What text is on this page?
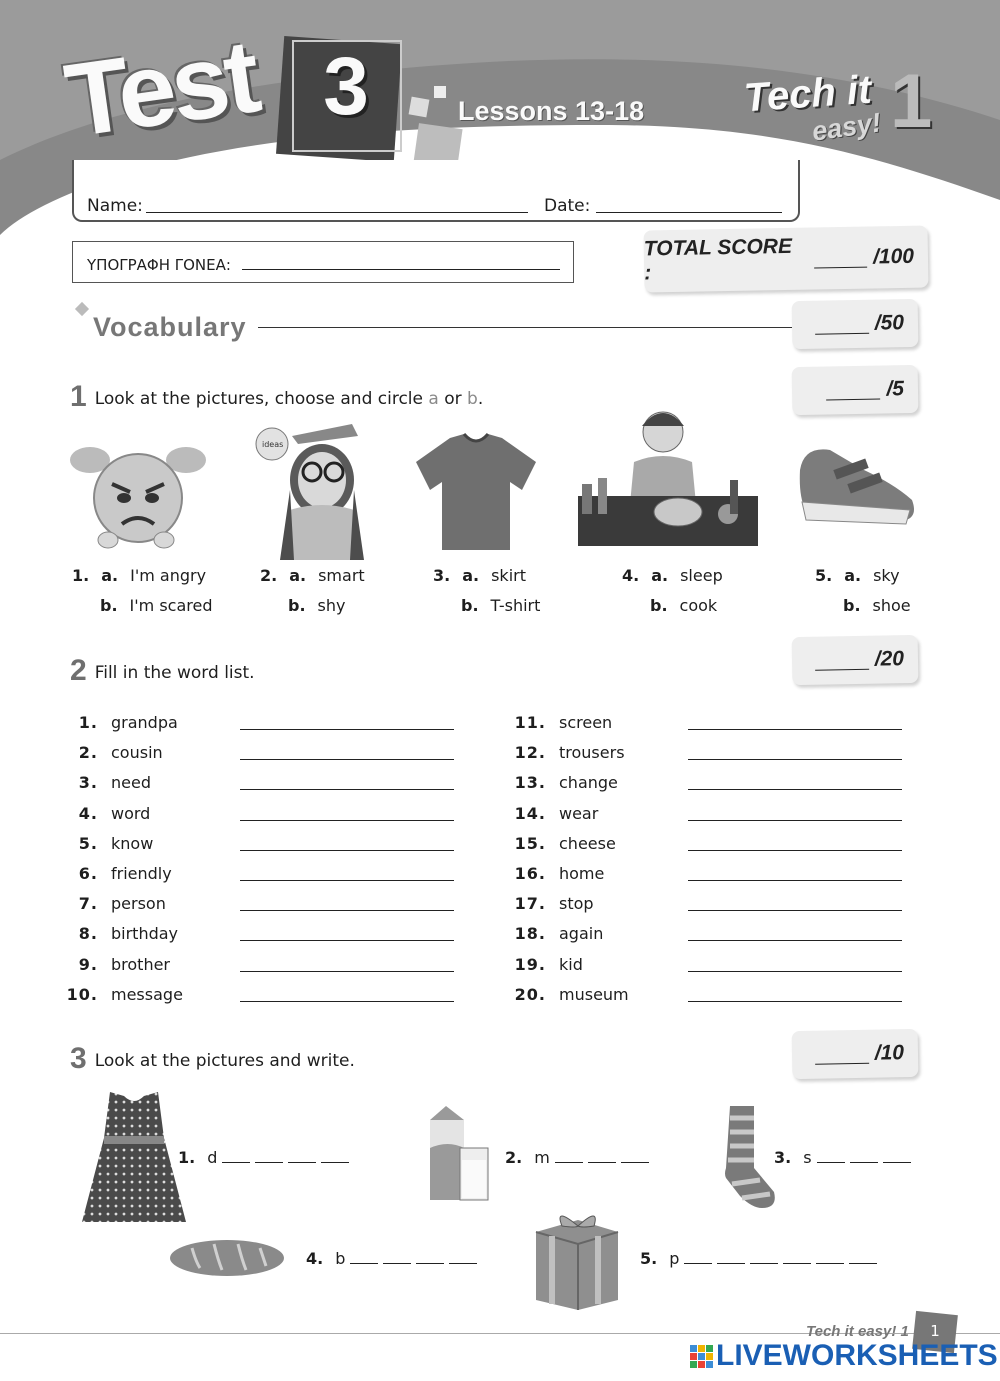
Test 3	Lessons 13-18 Tech it
easy! 1
Name:	Date:
ΥΠΟΓΡΑΦΗ ΓΟΝΕΑ:
TOTAL SCORE :
/100
Vocabulary	/50
1 Look at the pictures, choose and circle a or b.	/5
ideas
1. a. I'm angry
b. I'm scared
2. a. smart
b. shy
3. a. skirt
b. T-shirt
4. a. sleep
b. cook
5. a. sky
b. shoe
2 Fill in the word list.
/20
1. grandpa
2. cousin
3. need
4. word
5. know
6. friendly
7. person
8. birthday
9. brother
10. message
11. screen
12. trousers
13. change
14. wear
15. cheese
16. home
17. stop
18. again
19. kid
20. museum
3 Look at the pictures and write.	/10
1. d	2. m	3. s
4. b	5. p
Tech it easy! 1	1
LIVEWORKSHEETS
